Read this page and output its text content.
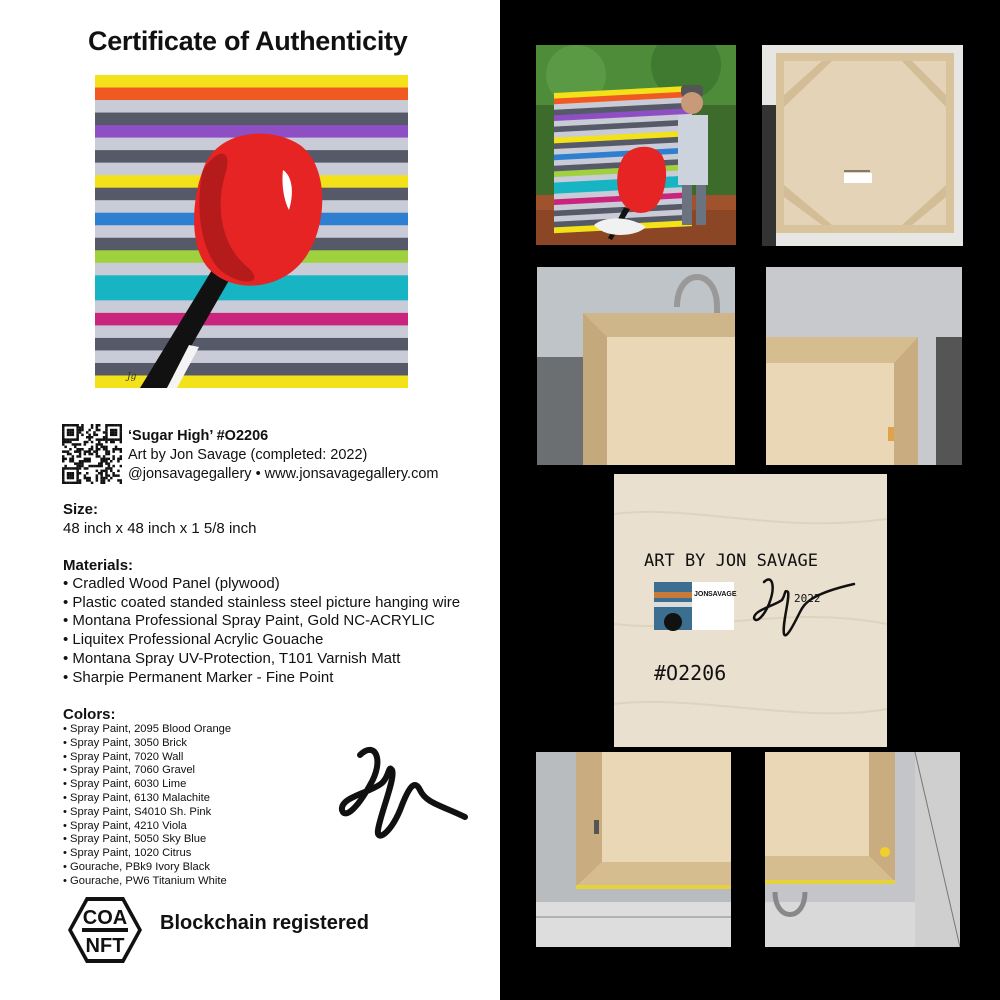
Certificate of Authenticity
Jg
‘Sugar High’ #O2206
Art by Jon Savage (completed: 2022)
@jonsavagegallery • www.jonsavagegallery.com
Size:
48 inch x 48 inch x 1 5/8 inch
Materials:
• Cradled Wood Panel (plywood)
• Plastic coated standed stainless steel picture hanging wire
• Montana Professional Spray Paint, Gold NC-ACRYLIC
• Liquitex Professional Acrylic Gouache
• Montana Spray UV-Protection, T101 Varnish Matt
• Sharpie Permanent Marker - Fine Point
Colors:
• Spray Paint, 2095 Blood Orange
• Spray Paint, 3050 Brick
• Spray Paint, 7020 Wall
• Spray Paint, 7060 Gravel
• Spray Paint, 6030 Lime
• Spray Paint, 6130 Malachite
• Spray Paint, S4010 Sh. Pink
• Spray Paint, 4210 Viola
• Spray Paint, 5050 Sky Blue
• Spray Paint, 1020 Citrus
• Gourache, PBk9 Ivory Black
• Gourache, PW6 Titanium White
COA
NFT
Blockchain registered
ART BY JON SAVAGE
JON SAVAGE	2022
#O2206
